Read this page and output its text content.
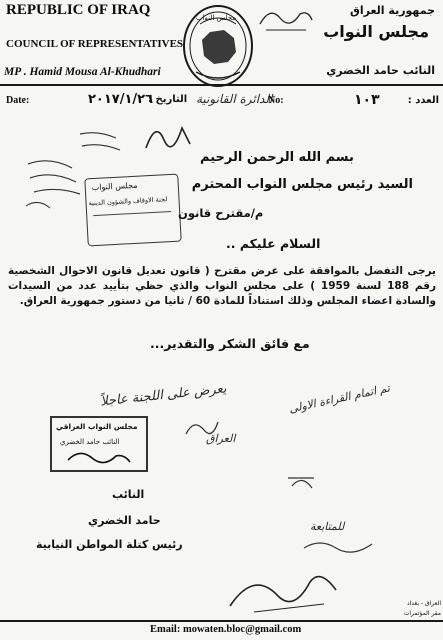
REPUBLIC OF IRAQ
COUNCIL OF REPRESENTATIVES
MP . Hamid Mousa Al-Khudhari
مجلس النواب
جمهورية العراق
مجلس النواب
النائب حامد الخضري
Date:	٢٠١٧/١/٢٦
التاريخ : الدائرة القانونية
No:	١٠٣	العدد :
مجلس النواب
لجنة الاوقاف والشؤون الدينية
بسم الله الرحمن الرحيم
السيد رئيس مجلس النواب المحترم
م/مقترح قانون
السلام عليكم ..
يرجى التفضل بالموافقة على عرض مقترح ( قانون تعديل قانون الاحوال الشخصية رقم 188 لسنة 1959 ) على مجلس النواب والذي حظي بتأييد عدد من السيدات والسادة اعضاء المجلس وذلك استناداً للمادة 60 / ثانيا من دستور جمهورية العراق.
مع فائق الشكر والتقدير...
يعرض على اللجنة عاجلاً	تم اتمام القراءة الاولى
العراق
مجلس النواب العراقي
النائب حامد الخضري
النائب
حامد الخضري
رئيس كتلة المواطن النيابية
للمتابعة
Email: mowaten.bloc@gmail.com
العراق - بغداد
مقر المؤتمرات
